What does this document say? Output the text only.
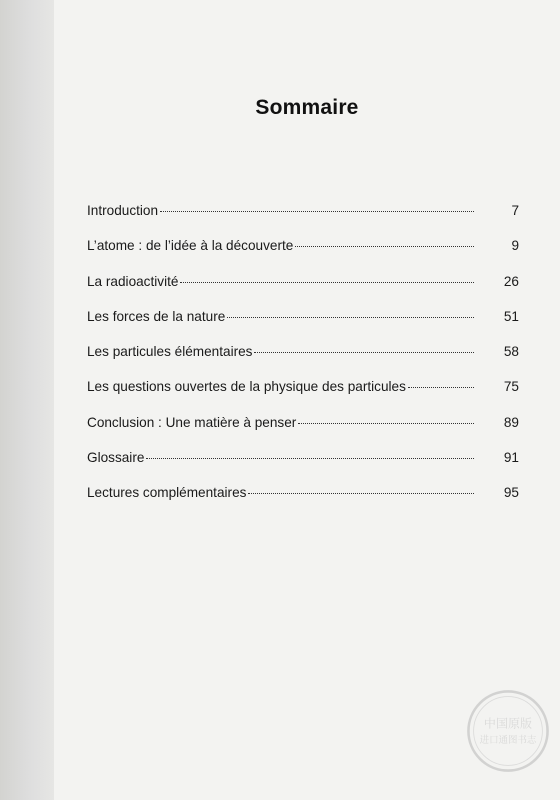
Sommaire
Introduction	7
L’atome : de l’idée à la découverte	9
La radioactivité	26
Les forces de la nature	51
Les particules élémentaires	58
Les questions ouvertes de la physique des particules	75
Conclusion : Une matière à penser	89
Glossaire	91
Lectures complémentaires	95
中国原版
进口通图书志
